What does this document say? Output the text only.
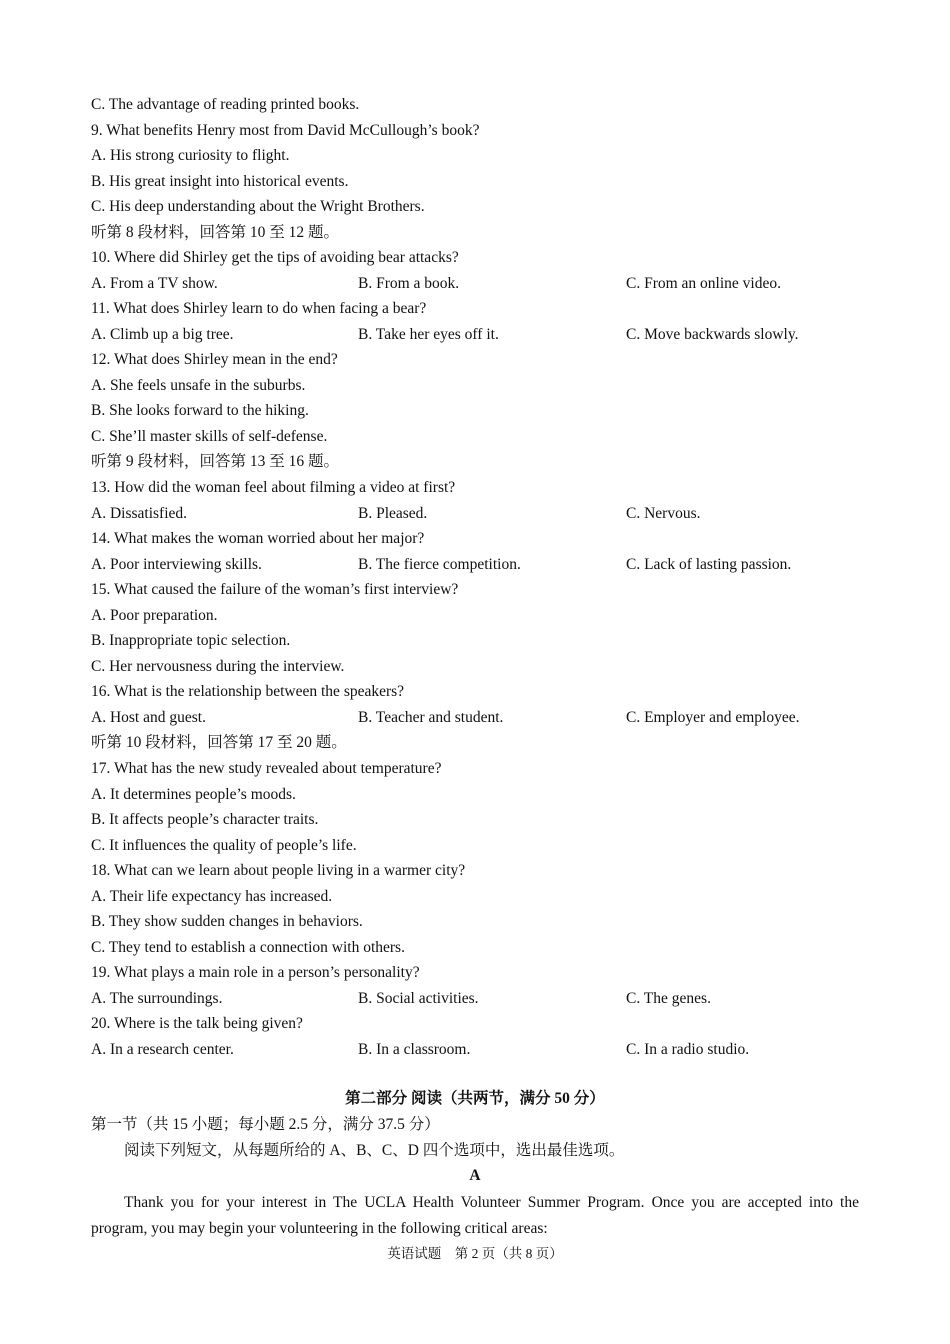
C. The advantage of reading printed books.
9. What benefits Henry most from David McCullough’s book?
A. His strong curiosity to flight.
B. His great insight into historical events.
C. His deep understanding about the Wright Brothers.
听第 8 段材料，回答第 10 至 12 题。
10. Where did Shirley get the tips of avoiding bear attacks?
A. From a TV show.	B. From a book.	C. From an online video.
11. What does Shirley learn to do when facing a bear?
A. Climb up a big tree.	B. Take her eyes off it.	C. Move backwards slowly.
12. What does Shirley mean in the end?
A. She feels unsafe in the suburbs.
B. She looks forward to the hiking.
C. She’ll master skills of self-defense.
听第 9 段材料，回答第 13 至 16 题。
13. How did the woman feel about filming a video at first?
A. Dissatisfied.	B. Pleased.	C. Nervous.
14. What makes the woman worried about her major?
A. Poor interviewing skills.	B. The fierce competition.	C. Lack of lasting passion.
15. What caused the failure of the woman’s first interview?
A. Poor preparation.
B. Inappropriate topic selection.
C. Her nervousness during the interview.
16. What is the relationship between the speakers?
A. Host and guest.	B. Teacher and student.	C. Employer and employee.
听第 10 段材料，回答第 17 至 20 题。
17. What has the new study revealed about temperature?
A. It determines people’s moods.
B. It affects people’s character traits.
C. It influences the quality of people’s life.
18. What can we learn about people living in a warmer city?
A. Their life expectancy has increased.
B. They show sudden changes in behaviors.
C. They tend to establish a connection with others.
19. What plays a main role in a person’s personality?
A. The surroundings.	B. Social activities.	C. The genes.
20. Where is the talk being given?
A. In a research center.	B. In a classroom.	C. In a radio studio.
第二部分 阅读（共两节，满分 50 分）
第一节（共 15 小题；每小题 2.5 分，满分 37.5 分）
阅读下列短文，从每题所给的 A、B、C、D 四个选项中，选出最佳选项。
A
Thank you for your interest in The UCLA Health Volunteer Summer Program. Once you are accepted into the program, you may begin your volunteering in the following critical areas:
英语试题　第 2 页（共 8 页）
